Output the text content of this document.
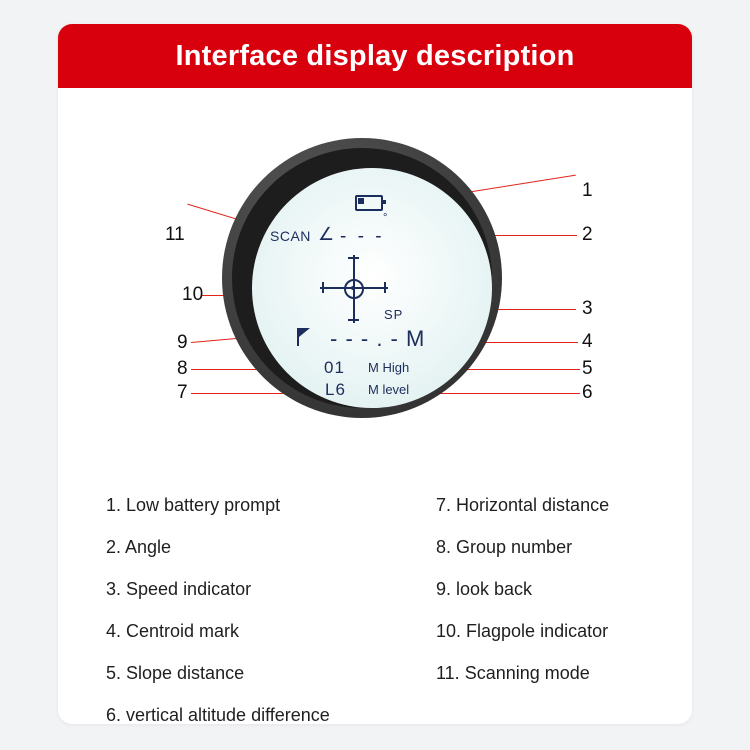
Interface display description
11
10
9
8
7
1
2
3
4
5
6
°
SCAN ∠ - - -
SP
- - - . - M
01 M High
L6 M level
1. Low battery prompt
2. Angle
3. Speed indicator
4. Centroid mark
5. Slope distance
6. vertical altitude difference
7. Horizontal distance
8. Group number
9. look back
10. Flagpole indicator
11. Scanning mode
